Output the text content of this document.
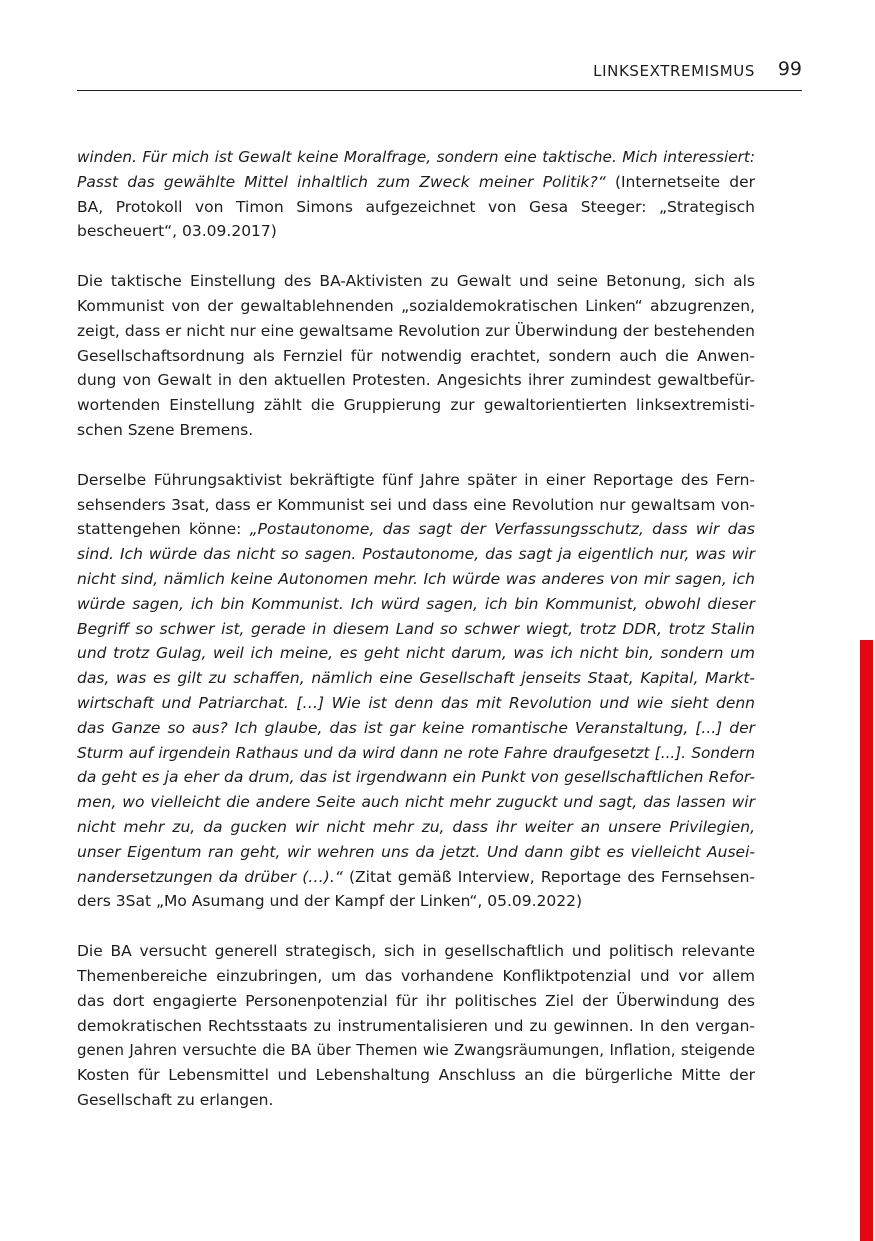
LINKSEXTREMISMUS 99
winden. Für mich ist Gewalt keine Moralfrage, sondern eine taktische. Mich interessiert:
Passt das gewählte Mittel inhaltlich zum Zweck meiner Politik?“ (Internetseite der
BA, Protokoll von Timon Simons aufgezeichnet von Gesa Steeger: „Strategisch
bescheuert“, 03.09.2017)
Die taktische Einstellung des BA-Aktivisten zu Gewalt und seine Betonung, sich als
Kommunist von der gewaltablehnenden „sozialdemokratischen Linken“ abzugrenzen,
zeigt, dass er nicht nur eine gewaltsame Revolution zur Überwindung der bestehenden
Gesellschaftsordnung als Fernziel für notwendig erachtet, sondern auch die Anwen-
dung von Gewalt in den aktuellen Protesten. Angesichts ihrer zumindest gewaltbefür-
wortenden Einstellung zählt die Gruppierung zur gewaltorientierten linksextremisti-
schen Szene Bremens.
Derselbe Führungsaktivist bekräftigte fünf Jahre später in einer Reportage des Fern-
sehsenders 3sat, dass er Kommunist sei und dass eine Revolution nur gewaltsam von-
stattengehen könne: „Postautonome, das sagt der Verfassungsschutz, dass wir das
sind. Ich würde das nicht so sagen. Postautonome, das sagt ja eigentlich nur, was wir
nicht sind, nämlich keine Autonomen mehr. Ich würde was anderes von mir sagen, ich
würde sagen, ich bin Kommunist. Ich würd sagen, ich bin Kommunist, obwohl dieser
Begriff so schwer ist, gerade in diesem Land so schwer wiegt, trotz DDR, trotz Stalin
und trotz Gulag, weil ich meine, es geht nicht darum, was ich nicht bin, sondern um
das, was es gilt zu schaffen, nämlich eine Gesellschaft jenseits Staat, Kapital, Markt-
wirtschaft und Patriarchat. […] Wie ist denn das mit Revolution und wie sieht denn
das Ganze so aus? Ich glaube, das ist gar keine romantische Veranstaltung, [...] der
Sturm auf irgendein Rathaus und da wird dann ne rote Fahre draufgesetzt [...]. Sondern
da geht es ja eher da drum, das ist irgendwann ein Punkt von gesellschaftlichen Refor-
men, wo vielleicht die andere Seite auch nicht mehr zuguckt und sagt, das lassen wir
nicht mehr zu, da gucken wir nicht mehr zu, dass ihr weiter an unsere Privilegien,
unser Eigentum ran geht, wir wehren uns da jetzt. Und dann gibt es vielleicht Ausei-
nandersetzungen da drüber (…).“ (Zitat gemäß Interview, Reportage des Fernsehsen-
ders 3Sat „Mo Asumang und der Kampf der Linken“, 05.09.2022)
Die BA versucht generell strategisch, sich in gesellschaftlich und politisch relevante
Themenbereiche einzubringen, um das vorhandene Konfliktpotenzial und vor allem
das dort engagierte Personenpotenzial für ihr politisches Ziel der Überwindung des
demokratischen Rechtsstaats zu instrumentalisieren und zu gewinnen. In den vergan-
genen Jahren versuchte die BA über Themen wie Zwangsräumungen, Inflation, steigende
Kosten für Lebensmittel und Lebenshaltung Anschluss an die bürgerliche Mitte der
Gesellschaft zu erlangen.
